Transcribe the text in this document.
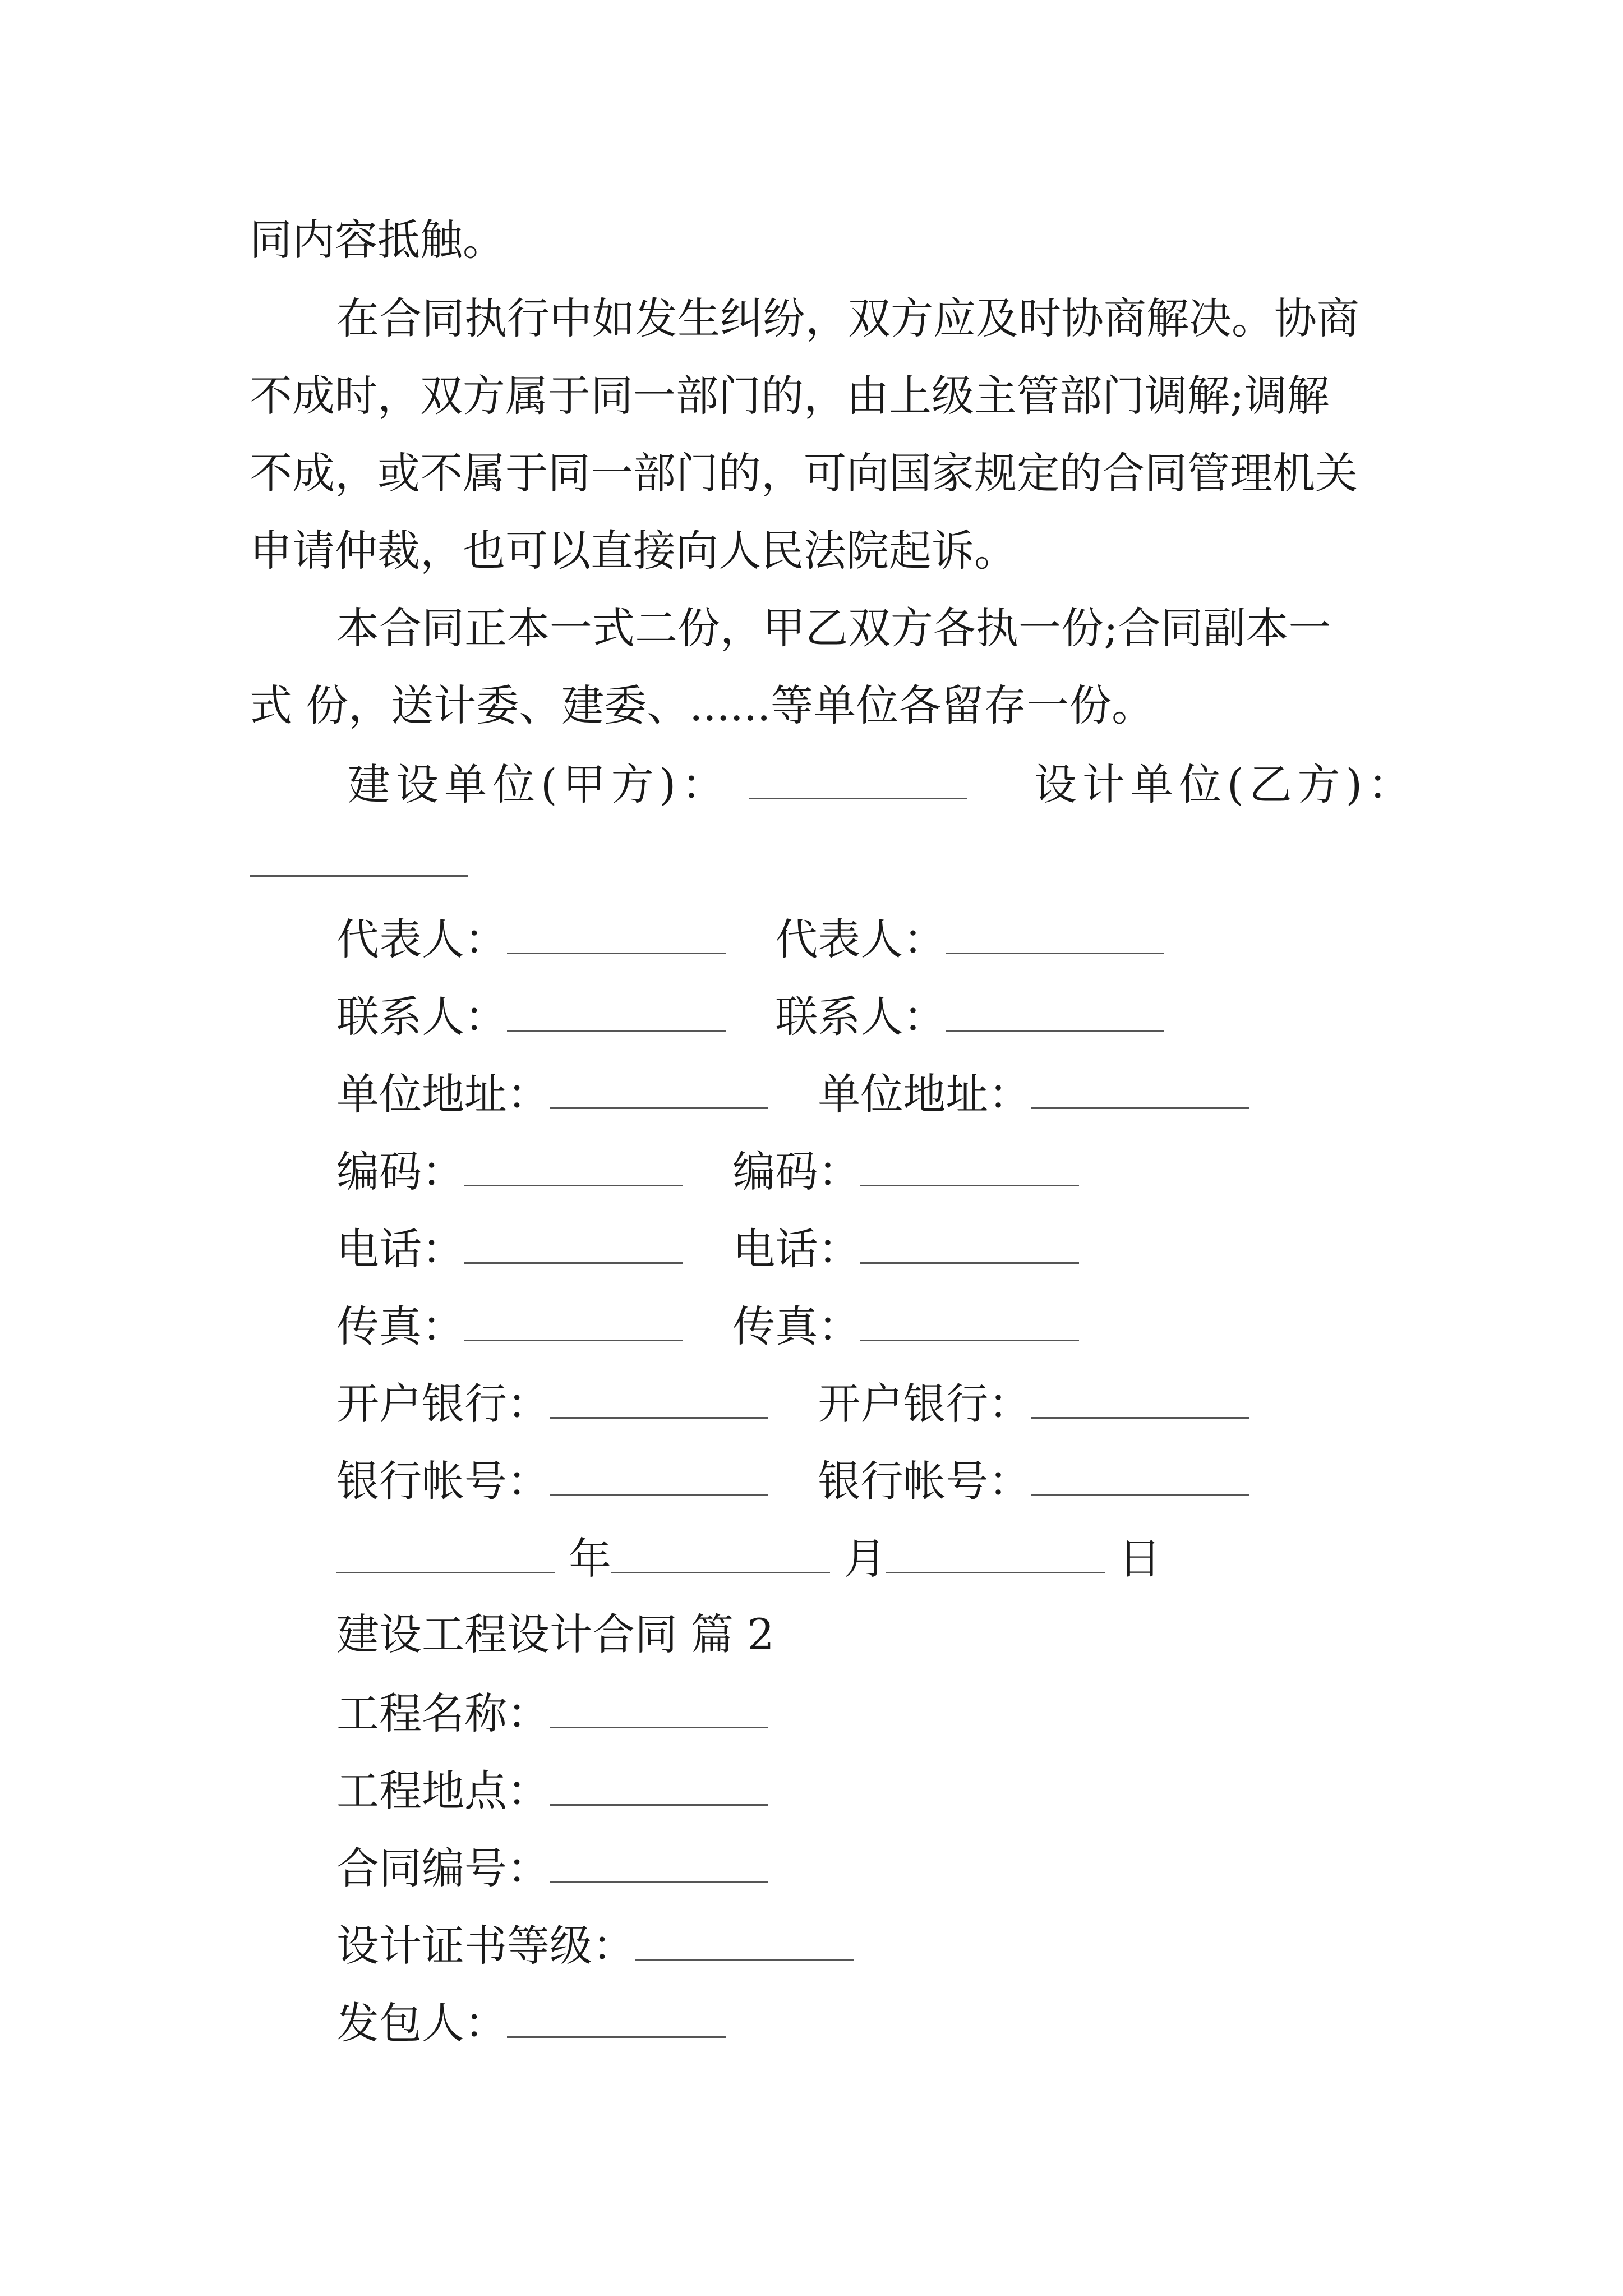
同内容抵触。
在合同执行中如发生纠纷，双方应及时协商解决。协商
不成时，双方属于同一部门的，由上级主管部门调解;调解
不成，或不属于同一部门的，可向国家规定的合同管理机关
申请仲裁，也可以直接向人民法院起诉。
本合同正本一式二份，甲乙双方各执一份;合同副本一
式 份，送计委、建委、......等单位各留存一份。
建设单位(甲方)：	设计单位(乙方)：
代表人：	代表人：
联系人：	联系人：
单位地址：	单位地址：
编码：	编码：
电话：	电话：
传真：	传真：
开户银行：	开户银行：
银行帐号：	银行帐号：
年	月	日
建设工程设计合同 篇 2
工程名称：
工程地点：
合同编号：
设计证书等级：
发包人：
